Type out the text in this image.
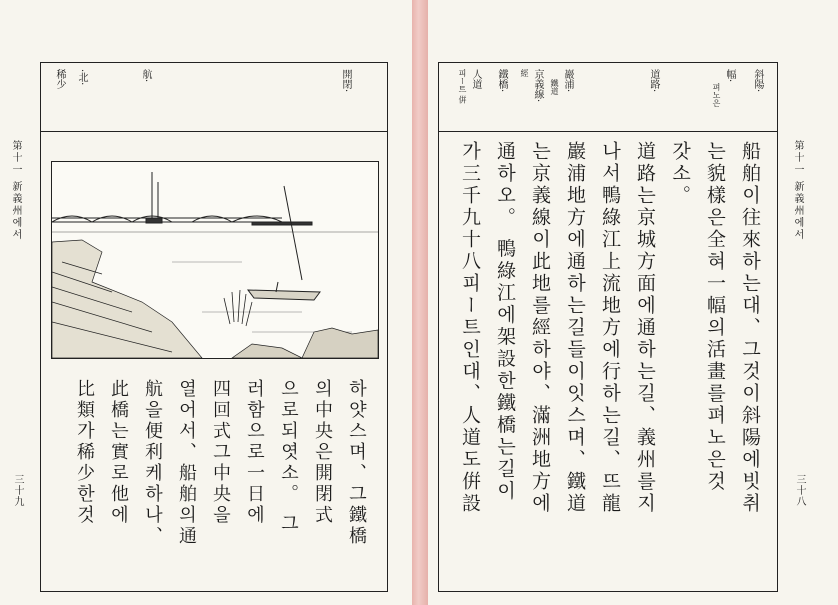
第十一 新義州에서
三十九
開閉·
航·
·北·
稀少
하얏스며、그鐵橋
의中央은開閉式
으로되엿소。 그
러함으로一日에
四回式그中央을
열어서、船舶의通
航을便利케하나、
此橋는實로他에
比類가稀少한것
第十一 新義州에서
三十八
斜陽·
幅·
펴노은
道路·
巖浦·
鐵道
京義線·
經
鐵橋·
人道
피ー트 倂
船舶이往來하는대、그것이斜陽에빗취
는貌樣은全혀一幅의活畫를펴노은것
갓소。
道路는京城方面에通하는길、義州를지
나서鴨綠江上流地方에行하는길、뜨龍
巖浦地方에通하는길들이잇스며、鐵道
는京義線이此地를經하야、滿洲地方에
通하오。 鴨綠江에架設한鐵橋는길이
가三千九十八피ー트인대、人道도倂設
